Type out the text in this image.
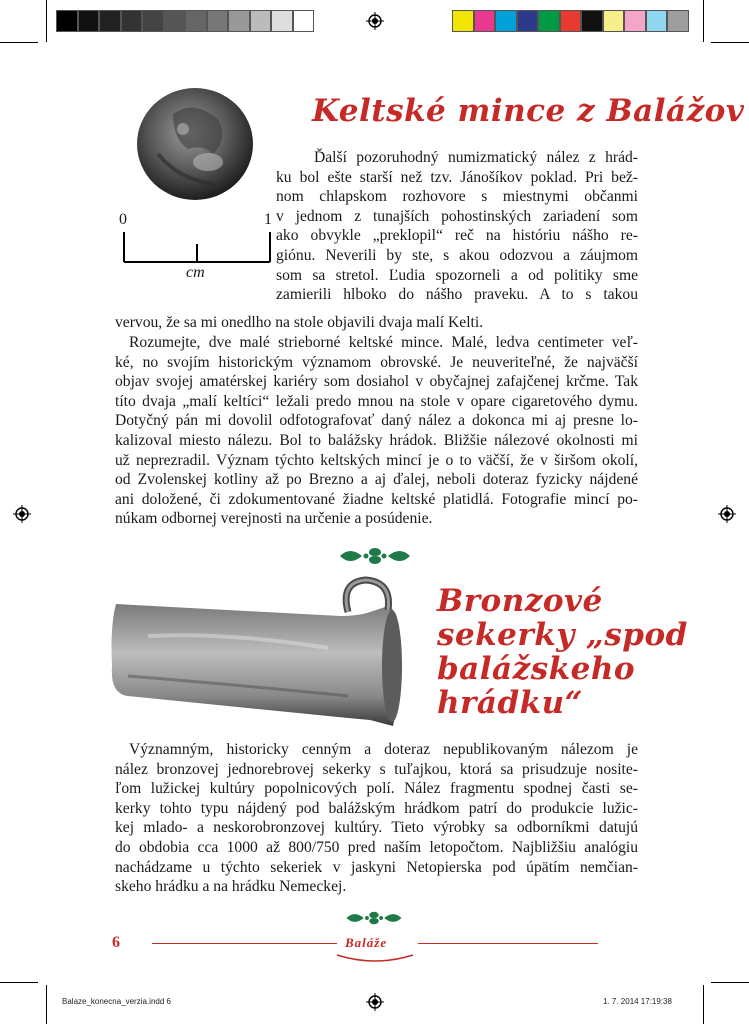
0	1
cm
Keltské mince z Balážov
Ďalší pozoruhodný numizmatický nález z hrád-
ku bol ešte starší než tzv. Jánošíkov poklad. Pri bež-
nom chlapskom rozhovore s miestnymi občanmi
v jednom z tunajších pohostinských zariadení som
ako obvykle „preklopil“ reč na históriu nášho re-
giónu. Neverili by ste, s akou odozvou a záujmom
som sa stretol. Ľudia spozorneli a od politiky sme
zamierili hlboko do nášho praveku. A to s takou
vervou, že sa mi onedlho na stole objavili dvaja malí Kelti.
Rozumejte, dve malé strieborné keltské mince. Malé, ledva centimeter veľ-
ké, no svojím historickým významom obrovské. Je neuveriteľné, že najväčší
objav svojej amatérskej kariéry som dosiahol v obyčajnej zafajčenej krčme. Tak
títo dvaja „malí keltíci“ ležali predo mnou na stole v opare cigaretového dymu.
Dotyčný pán mi dovolil odfotografovať daný nález a dokonca mi aj presne lo-
kalizoval miesto nálezu. Bol to balážsky hrádok. Bližšie nálezové okolnosti mi
už neprezradil. Význam týchto keltských mincí je o to väčší, že v širšom okolí,
od Zvolenskej kotliny až po Brezno a aj ďalej, neboli doteraz fyzicky nájdené
ani doložené, či zdokumentované žiadne keltské platidlá. Fotografie mincí po-
núkam odbornej verejnosti na určenie a posúdenie.
Bronzové
sekerky „spod
balážskeho
hrádku“
Významným, historicky cenným a doteraz nepublikovaným nálezom je
nález bronzovej jednorebrovej sekerky s tuľajkou, ktorá sa prisudzuje nosite-
ľom lužickej kultúry popolnicových polí. Nález fragmentu spodnej časti se-
kerky tohto typu nájdený pod balážským hrádkom patrí do produkcie lužic-
kej mlado- a neskorobronzovej kultúry. Tieto výrobky sa odborníkmi datujú
do obdobia cca 1000 až 800/750 pred naším letopočtom. Najbližšiu analógiu
nachádzame u týchto sekeriek v jaskyni Netopierska pod úpätím nemčian-
skeho hrádku a na hrádku Nemeckej.
6	Baláže
Balaze_konecna_verzia.indd 6	1. 7. 2014 17:19:38
